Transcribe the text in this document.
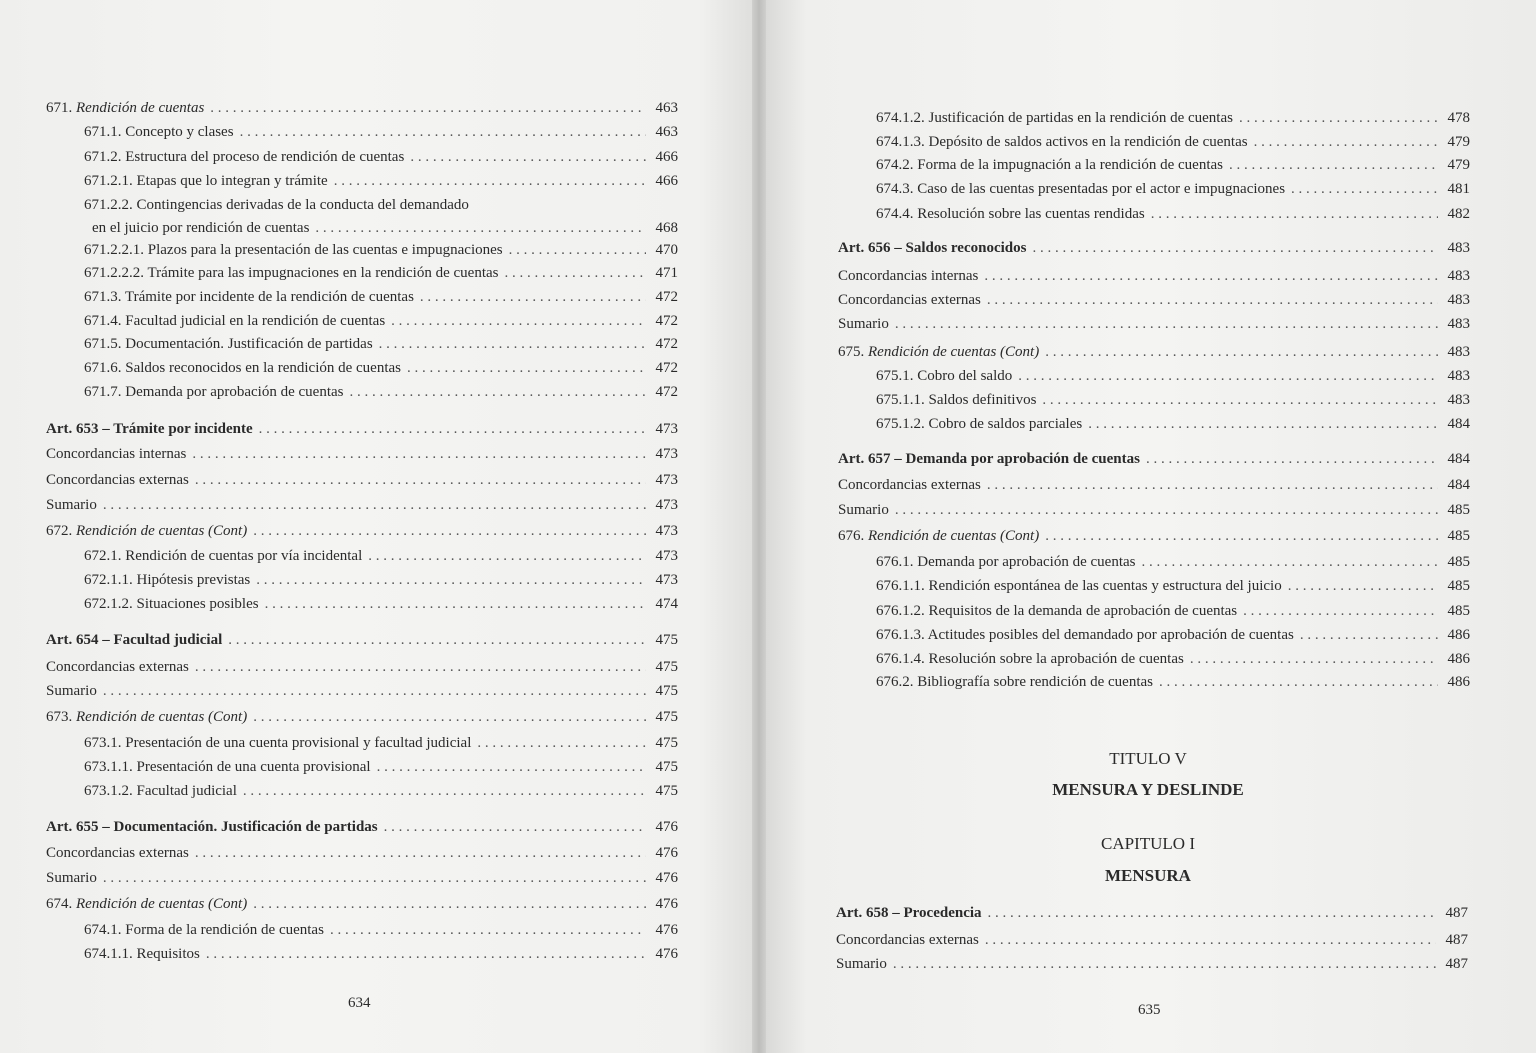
671. Rendición de cuentas . . .	463
671.1. Concepto y clases . . .	463
671.2. Estructura del proceso de rendición de cuentas . . .	466
671.2.1. Etapas que lo integran y trámite . . .	466
671.2.2. Contingencias derivadas de la conducta del demandado
en el juicio por rendición de cuentas . . .	468
671.2.2.1. Plazos para la presentación de las cuentas e impugnaciones . . .	470
671.2.2.2. Trámite para las impugnaciones en la rendición de cuentas . . .	471
671.3. Trámite por incidente de la rendición de cuentas . . .	472
671.4. Facultad judicial en la rendición de cuentas . . .	472
671.5. Documentación. Justificación de partidas . . .	472
671.6. Saldos reconocidos en la rendición de cuentas . . .	472
671.7. Demanda por aprobación de cuentas . . .	472
Art. 653 – Trámite por incidente . . .	473
Concordancias internas . . .	473
Concordancias externas . . .	473
Sumario . . .	473
672. Rendición de cuentas (Cont) . . .	473
672.1. Rendición de cuentas por vía incidental . . .	473
672.1.1. Hipótesis previstas . . .	473
672.1.2. Situaciones posibles . . .	474
Art. 654 – Facultad judicial . . .	475
Concordancias externas . . .	475
Sumario . . .	475
673. Rendición de cuentas (Cont) . . .	475
673.1. Presentación de una cuenta provisional y facultad judicial . . .	475
673.1.1. Presentación de una cuenta provisional . . .	475
673.1.2. Facultad judicial . . .	475
Art. 655 – Documentación. Justificación de partidas . . .	476
Concordancias externas . . .	476
Sumario . . .	476
674. Rendición de cuentas (Cont) . . .	476
674.1. Forma de la rendición de cuentas . . .	476
674.1.1. Requisitos . . .	476
674.1.2. Justificación de partidas en la rendición de cuentas . . .	478
674.1.3. Depósito de saldos activos en la rendición de cuentas . . .	479
674.2. Forma de la impugnación a la rendición de cuentas . . .	479
674.3. Caso de las cuentas presentadas por el actor e impugnaciones . . .	481
674.4. Resolución sobre las cuentas rendidas . . .	482
Art. 656 – Saldos reconocidos . . .	483
Concordancias internas . . .	483
Concordancias externas . . .	483
Sumario . . .	483
675. Rendición de cuentas (Cont) . . .	483
675.1. Cobro del saldo . . .	483
675.1.1. Saldos definitivos . . .	483
675.1.2. Cobro de saldos parciales . . .	484
Art. 657 – Demanda por aprobación de cuentas . . .	484
Concordancias externas . . .	484
Sumario . . .	485
676. Rendición de cuentas (Cont) . . .	485
676.1. Demanda por aprobación de cuentas . . .	485
676.1.1. Rendición espontánea de las cuentas y estructura del juicio . . .	485
676.1.2. Requisitos de la demanda de aprobación de cuentas . . .	485
676.1.3. Actitudes posibles del demandado por aprobación de cuentas . . .	486
676.1.4. Resolución sobre la aprobación de cuentas . . .	486
676.2. Bibliografía sobre rendición de cuentas . . .	486
TITULO V
MENSURA Y DESLINDE
CAPITULO I
MENSURA
Art. 658 – Procedencia . . .	487
Concordancias externas . . .	487
Sumario . . .	487
634	635
